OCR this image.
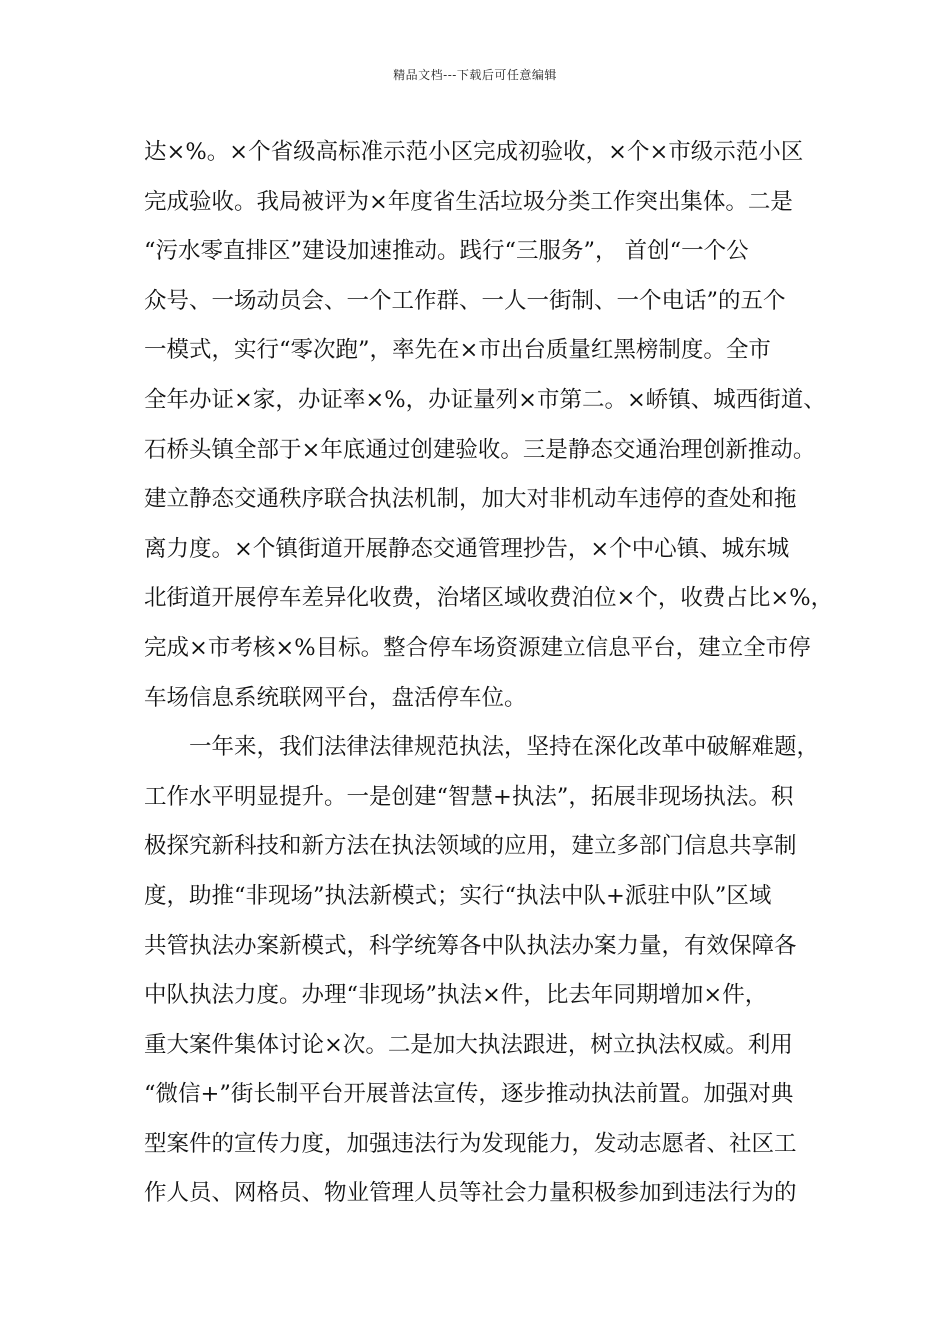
精品文档---下载后可任意编辑
达×%。×个省级高标准示范小区完成初验收，×个×市级示范小区
完成验收。我局被评为×年度省生活垃圾分类工作突出集体。二是
“污水零直排区”建设加速推动。践行“三服务”， 首创“一个公
众号、一场动员会、一个工作群、一人一街制、一个电话”的五个
一模式，实行“零次跑”，率先在×市出台质量红黑榜制度。全市
全年办证×家，办证率×%，办证量列×市第二。×峤镇、城西街道、
石桥头镇全部于×年底通过创建验收。三是静态交通治理创新推动。
建立静态交通秩序联合执法机制，加大对非机动车违停的查处和拖
离力度。×个镇街道开展静态交通管理抄告，×个中心镇、城东城
北街道开展停车差异化收费，治堵区域收费泊位×个，收费占比×%，
完成×市考核×%目标。整合停车场资源建立信息平台，建立全市停
车场信息系统联网平台，盘活停车位。
一年来，我们法律法律规范执法，坚持在深化改革中破解难题，
工作水平明显提升。一是创建“智慧+执法”，拓展非现场执法。积
极探究新科技和新方法在执法领域的应用，建立多部门信息共享制
度，助推“非现场”执法新模式；实行“执法中队+派驻中队”区域
共管执法办案新模式，科学统筹各中队执法办案力量，有效保障各
中队执法力度。办理“非现场”执法×件，比去年同期增加×件，
重大案件集体讨论×次。二是加大执法跟进，树立执法权威。利用
“微信+”街长制平台开展普法宣传，逐步推动执法前置。加强对典
型案件的宣传力度，加强违法行为发现能力，发动志愿者、社区工
作人员、网格员、物业管理人员等社会力量积极参加到违法行为的
